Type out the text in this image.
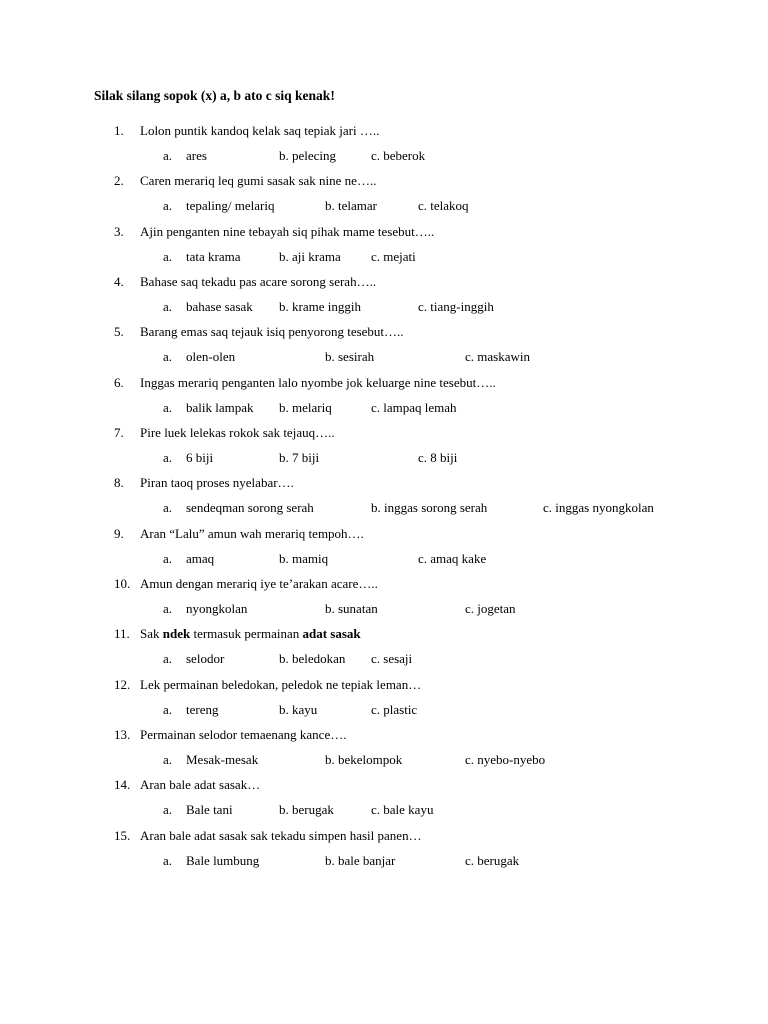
Silak silang sopok (x) a, b ato c siq kenak!
1. Lolon puntik kandoq kelak saq tepiak jari …..
a. ares	b. pelecing	c. beberok
2. Caren merariq leq gumi sasak sak nine ne…..
a. tepaling/ melariq	b. telamar	c. telakoq
3. Ajin penganten nine tebayah siq pihak mame tesebut…..
a. tata krama	b. aji krama c. mejati
4. Bahase saq tekadu pas acare sorong serah…..
a. bahase sasak b. krame inggih	c. tiang-inggih
5. Barang emas saq tejauk isiq penyorong tesebut…..
a. olen-olen	b. sesirah	c. maskawin
6. Inggas merariq penganten lalo nyombe jok keluarge nine tesebut…..
a. balik lampak b. melariq	c. lampaq lemah
7. Pire luek lelekas rokok sak tejauq…..
a. 6 biji	b. 7 biji	c. 8 biji
8. Piran taoq proses nyelabar….
a. sendeqman sorong serah	b. inggas sorong serah	c. inggas nyongkolan
9. Aran “Lalu” amun wah merariq tempoh….
a. amaq	b. mamiq	c. amaq kake
10. Amun dengan merariq iye te’arakan acare…..
a. nyongkolan	b. sunatan	c. jogetan
11. Sak ndek termasuk permainan adat sasak
a. selodor	b. beledokan c. sesaji
12. Lek permainan beledokan, peledok ne tepiak leman…
a. tereng	b. kayu	c. plastic
13. Permainan selodor temaenang kance….
a. Mesak-mesak	b. bekelompok	c. nyebo-nyebo
14. Aran bale adat sasak…
a. Bale tani	b. berugak	c. bale kayu
15. Aran bale adat sasak sak tekadu simpen hasil panen…
a. Bale lumbung	b. bale banjar	c. berugak
